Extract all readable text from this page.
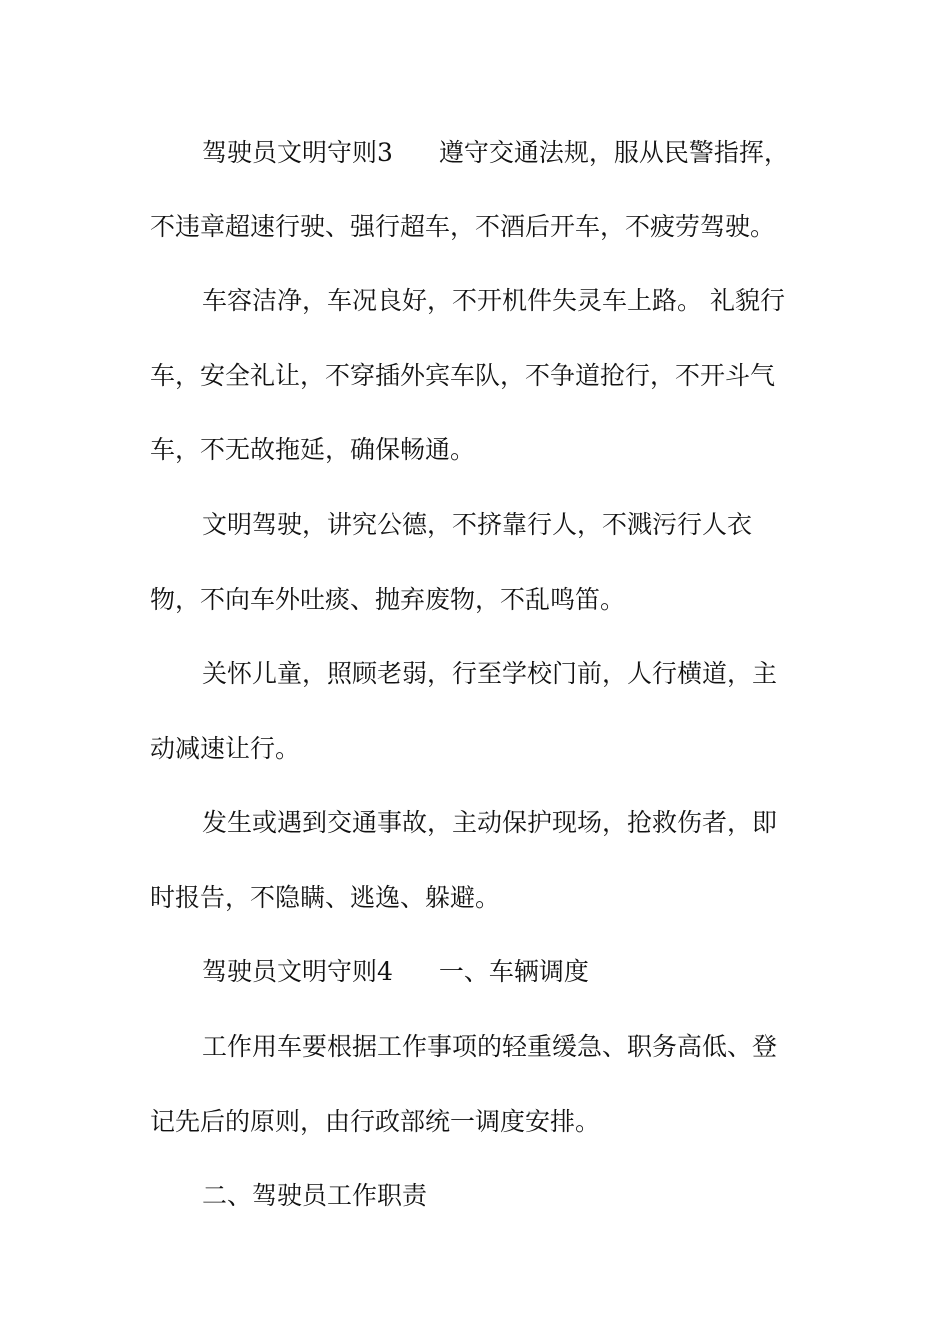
驾驶员文明守则3 遵守交通法规，服从民警指挥，
不违章超速行驶、强行超车，不酒后开车，不疲劳驾驶。
车容洁净，车况良好，不开机件失灵车上路。 礼貌行
车，安全礼让，不穿插外宾车队，不争道抢行，不开斗气
车，不无故拖延，确保畅通。
文明驾驶，讲究公德，不挤靠行人，不溅污行人衣
物，不向车外吐痰、抛弃废物，不乱鸣笛。
关怀儿童，照顾老弱，行至学校门前，人行横道，主
动减速让行。
发生或遇到交通事故，主动保护现场，抢救伤者，即
时报告，不隐瞒、逃逸、躲避。
驾驶员文明守则4 一、车辆调度
工作用车要根据工作事项的轻重缓急、职务高低、登
记先后的原则，由行政部统一调度安排。
二、驾驶员工作职责
